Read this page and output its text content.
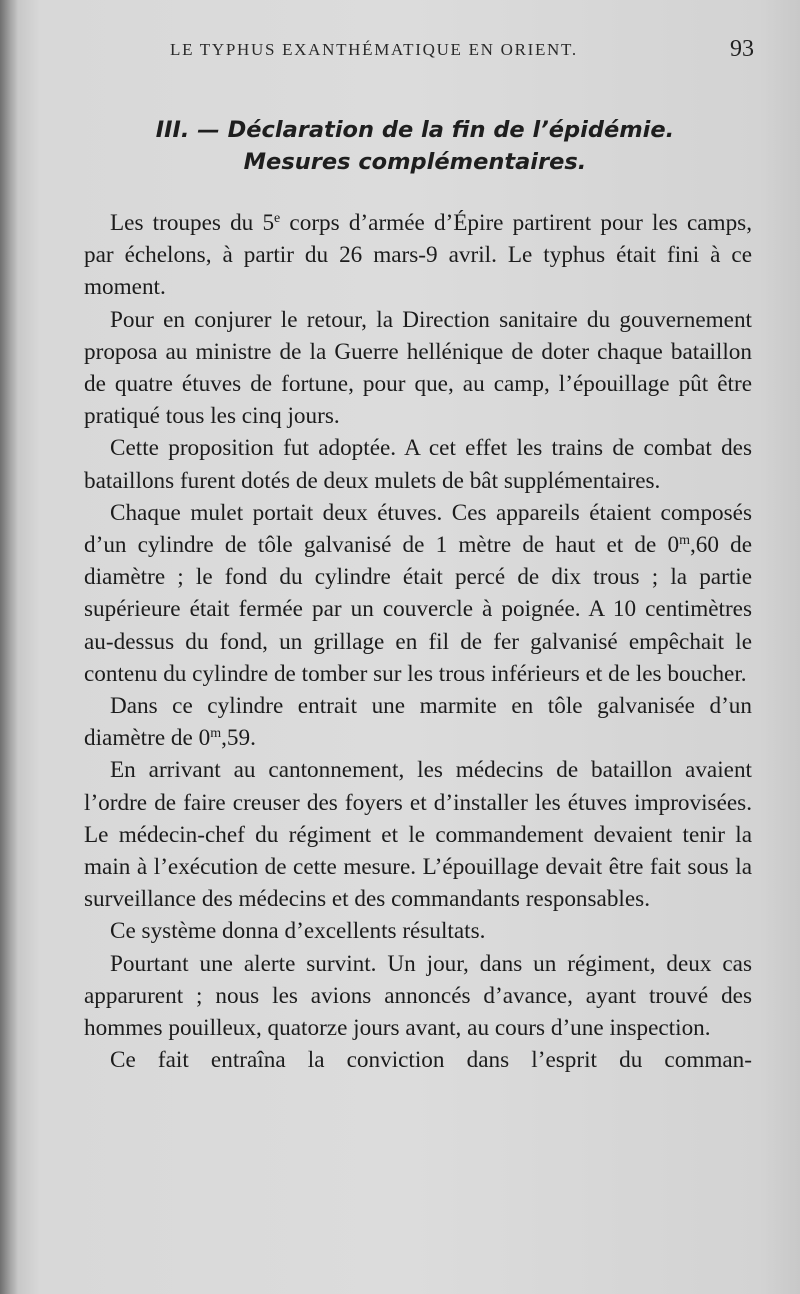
LE TYPHUS EXANTHÉMATIQUE EN ORIENT.	93
III. — Déclaration de la fin de l’épidémie.
Mesures complémentaires.

Les troupes du 5e corps d’armée d’Épire partirent pour les camps, par échelons, à partir du 26 mars-9 avril. Le typhus était fini à ce moment.

Pour en conjurer le retour, la Direction sanitaire du gouvernement proposa au ministre de la Guerre hellénique de doter chaque bataillon de quatre étuves de fortune, pour que, au camp, l’épouillage pût être pratiqué tous les cinq jours.

Cette proposition fut adoptée. A cet effet les trains de combat des bataillons furent dotés de deux mulets de bât supplémentaires.

Chaque mulet portait deux étuves. Ces appareils étaient composés d’un cylindre de tôle galvanisé de 1 mètre de haut et de 0$^m$,60 de diamètre ; le fond du cylindre était percé de dix trous ; la partie supérieure était fermée par un couvercle à poignée. A 10 centimètres au-dessus du fond, un grillage en fil de fer galvanisé empêchait le contenu du cylindre de tomber sur les trous inférieurs et de les boucher.

Dans ce cylindre entrait une marmite en tôle galvanisée d’un diamètre de 0$^m$,59.

En arrivant au cantonnement, les médecins de bataillon avaient l’ordre de faire creuser des foyers et d’installer les étuves improvisées. Le médecin-chef du régiment et le commandement devaient tenir la main à l’exécution de cette mesure. L’épouillage devait être fait sous la surveillance des médecins et des commandants responsables.

Ce système donna d’excellents résultats.

Pourtant une alerte survint. Un jour, dans un régiment, deux cas apparurent ; nous les avions annoncés d’avance, ayant trouvé des hommes pouilleux, quatorze jours avant, au cours d’une inspection.

Ce fait entraîna la conviction dans l’esprit du comman-
